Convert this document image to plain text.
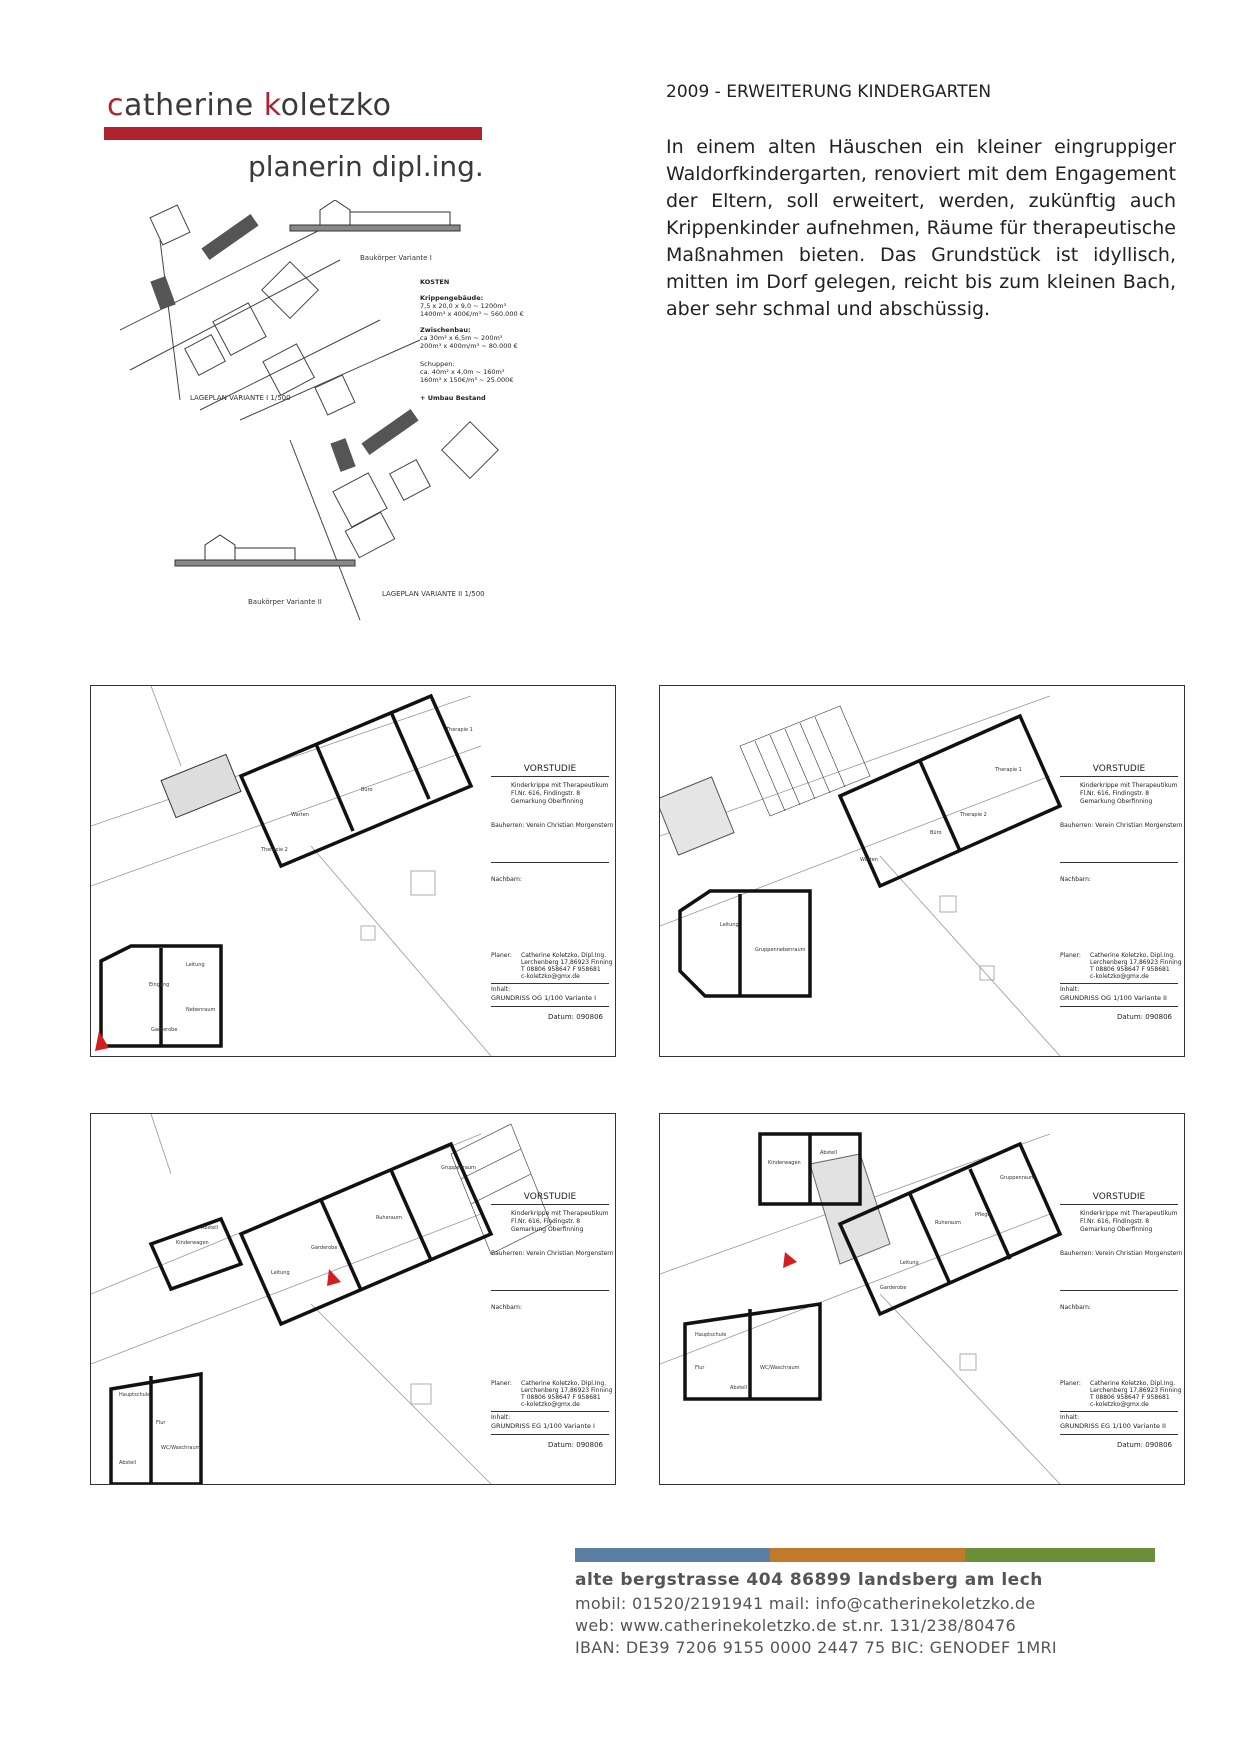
catherine koletzko
planerin dipl.ing.
2009 - ERWEITERUNG KINDERGARTEN
In einem alten Häuschen ein kleiner eingruppiger Waldorfkindergarten, renoviert mit dem Engagement der Eltern, soll erweitert, werden, zukünftig auch Krippenkinder aufnehmen, Räume für therapeutische Maßnahmen bieten. Das Grundstück ist idyllisch, mitten im Dorf gelegen, reicht bis zum kleinen Bach, aber sehr schmal und abschüssig.
Baukörper Variante I
LAGEPLAN VARIANTE I 1/500
LAGEPLAN VARIANTE II 1/500
Baukörper Variante II
KOSTEN
Krippengebäude:
7,5 x 20,0 x 9,0 ~ 1200m³
1400m³ x 400€/m³ ~ 560.000 €
Zwischenbau:
ca 30m² x 6,5m ~ 200m³
200m³ x 400m/m³ ~ 80.000 €
Schuppen:
ca. 40m² x 4,0m ~ 160m³
160m³ x 150€/m³ ~ 25.000€
+ Umbau Bestand
Therapie 1
Büro
Warten
Therapie 2
Leitung
Eingang
Nebenraum
Garderobe
VORSTUDIE
Kinderkrippe mit Therapeutikum
Fl.Nr. 616, Findingstr. 8
Gemarkung Oberfinning
Bauherren: Verein Christian Morgenstern
Nachbarn:
Planer: Catherine Koletzko, Dipl.Ing.
Lerchenberg 17,86923 Finning
T 08806 958647 F 958681
c-koletzko@gmx.de
Inhalt:
GRUNDRISS OG 1/100 Variante I
Datum: 090806
Therapie 1
Therapie 2
Büro
Warten
Gruppennebenraum
Leitung
VORSTUDIE
Kinderkrippe mit Therapeutikum
Fl.Nr. 616, Findingstr. 8
Gemarkung Oberfinning
Bauherren: Verein Christian Morgenstern
Nachbarn:
Planer: Catherine Koletzko, Dipl.Ing.
Lerchenberg 17,86923 Finning
T 08806 958647 F 958681
c-koletzko@gmx.de
Inhalt:
GRUNDRISS OG 1/100 Variante II
Datum: 090806
Gruppenraum
Ruheraum
Garderobe
Leitung
Kinderwagen
Abstell
Hauptschule
Flur
WC/Waschraum
Abstell
VORSTUDIE
Kinderkrippe mit Therapeutikum
Fl.Nr. 616, Findingstr. 8
Gemarkung Oberfinning
Bauherren: Verein Christian Morgenstern
Nachbarn:
Planer: Catherine Koletzko, Dipl.Ing.
Lerchenberg 17,86923 Finning
T 08806 958647 F 958681
c-koletzko@gmx.de
Inhalt:
GRUNDRISS EG 1/100 Variante I
Datum: 090806
Kinderwagen
Abstell
Gruppenraum
Ruheraum
Pflege
Leitung
Garderobe
Hauptschule
Flur
Abstell
WC/Waschraum
VORSTUDIE
Kinderkrippe mit Therapeutikum
Fl.Nr. 616, Findingstr. 8
Gemarkung Oberfinning
Bauherren: Verein Christian Morgenstern
Nachbarn:
Planer: Catherine Koletzko, Dipl.Ing.
Lerchenberg 17,86923 Finning
T 08806 958647 F 958681
c-koletzko@gmx.de
Inhalt:
GRUNDRISS EG 1/100 Variante II
Datum: 090806
alte bergstrasse 404 86899 landsberg am lech
mobil: 01520/2191941 mail: info@catherinekoletzko.de
web: www.catherinekoletzko.de st.nr. 131/238/80476
IBAN: DE39 7206 9155 0000 2447 75 BIC: GENODEF 1MRI
